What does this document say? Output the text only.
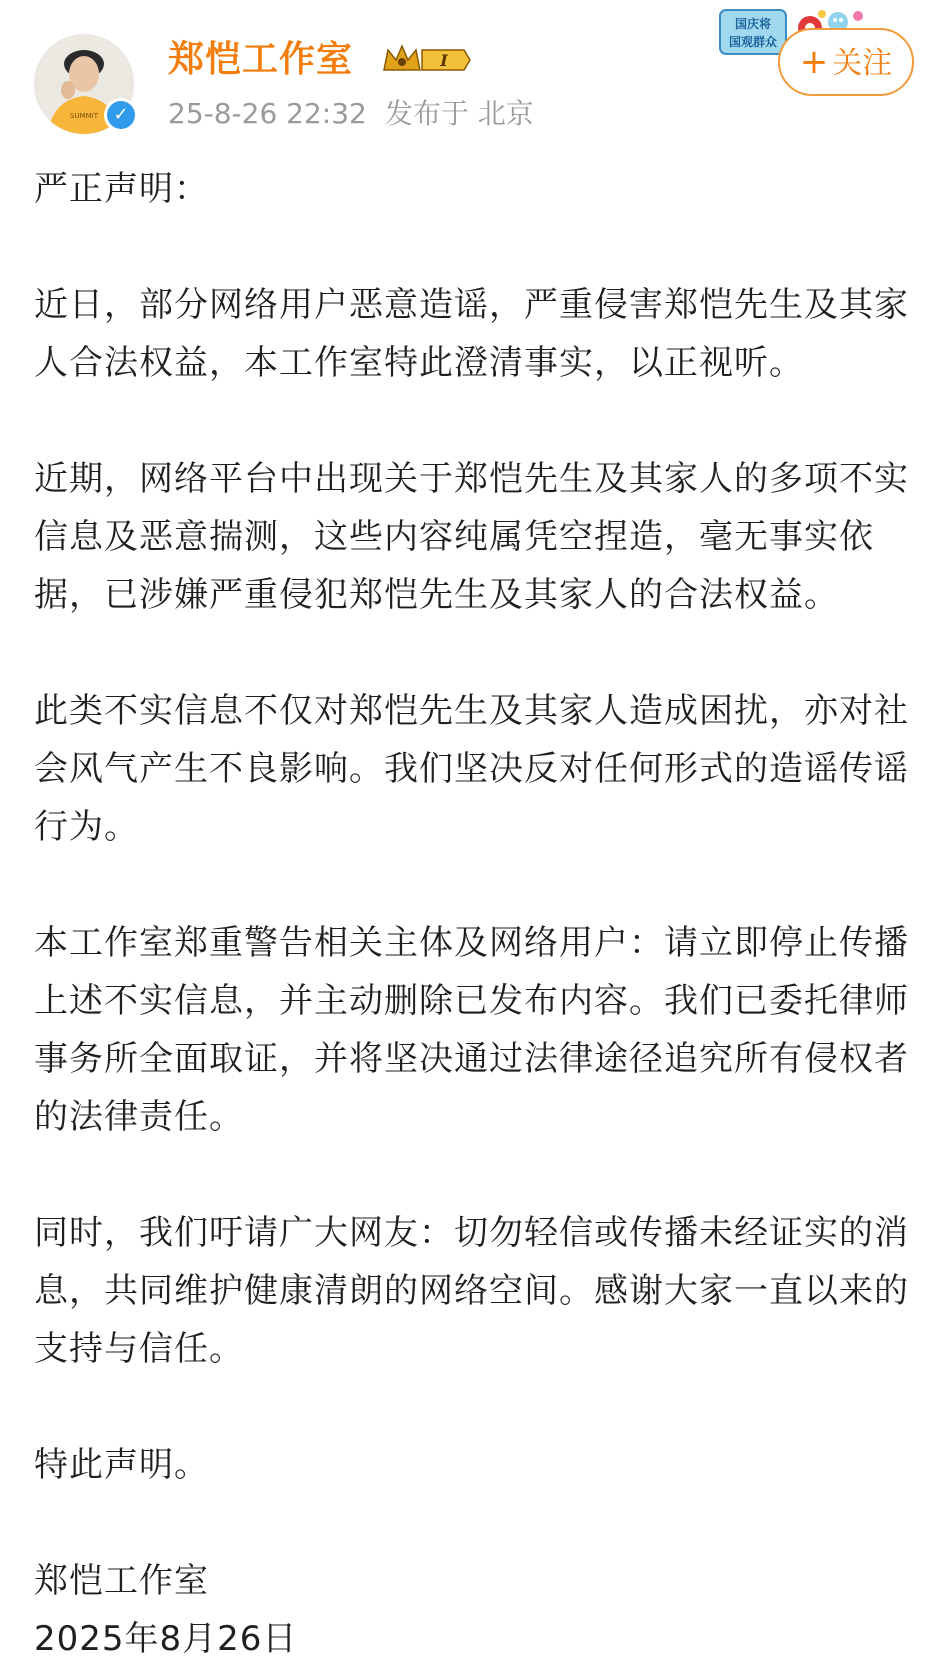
SUMMIT ✓
郑恺工作室	I
25-8-26 22:32 发布于 北京
国庆将
国观群众 + 关注

严正声明：

近日，部分网络用户恶意造谣，严重侵害郑恺先生及其家人合法权益，本工作室特此澄清事实，以正视听。

近期，网络平台中出现关于郑恺先生及其家人的多项不实信息及恶意揣测，这些内容纯属凭空捏造，毫无事实依据，已涉嫌严重侵犯郑恺先生及其家人的合法权益。

此类不实信息不仅对郑恺先生及其家人造成困扰，亦对社会风气产生不良影响。我们坚决反对任何形式的造谣传谣行为。

本工作室郑重警告相关主体及网络用户：请立即停止传播上述不实信息，并主动删除已发布内容。我们已委托律师事务所全面取证，并将坚决通过法律途径追究所有侵权者的法律责任。

同时，我们吁请广大网友：切勿轻信或传播未经证实的消息，共同维护健康清朗的网络空间。感谢大家一直以来的支持与信任。

特此声明。

郑恺工作室
2025年8月26日
